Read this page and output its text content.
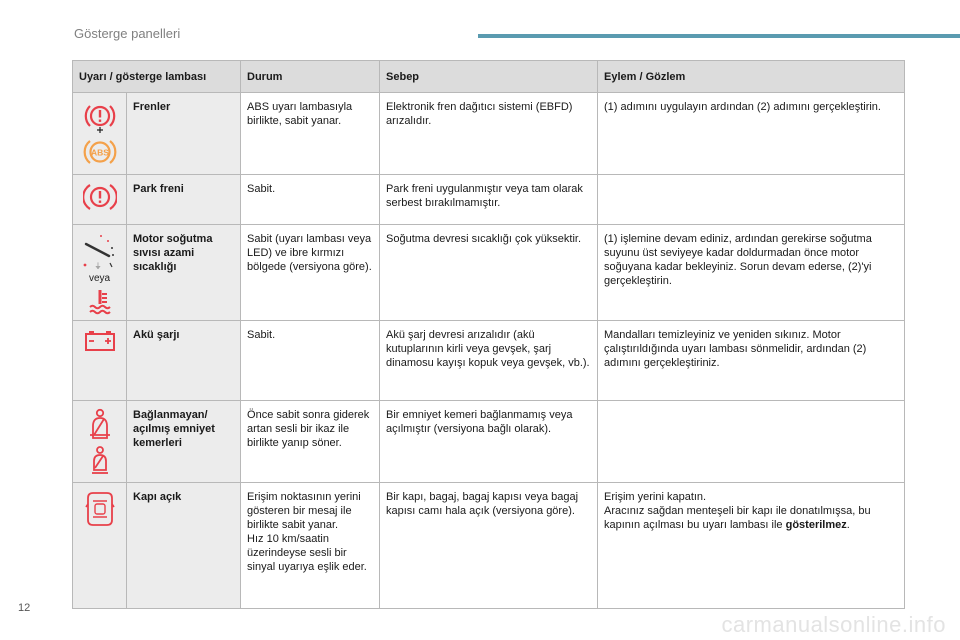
Gösterge panelleri
Uyarı / gösterge lambası		Durum	Sebep	Eylem / Gözlem

ABS	Frenler	ABS uyarı lambasıyla birlikte, sabit yanar.	Elektronik fren dağıtıcı sistemi (EBFD) arızalıdır.	(1) adımını uygulayın ardından (2) adımını gerçekleştirin.

	Park freni	Sabit.	Park freni uygulanmıştır veya tam olarak serbest bırakılmamıştır.	

⏚
veya	Motor soğutma sıvısı azami sıcaklığı	Sabit (uyarı lambası veya LED) ve ibre kırmızı bölgede (versiyona göre).	Soğutma devresi sıcaklığı çok yüksektir.	(1) işlemine devam ediniz, ardından gerekirse soğutma suyunu üst seviyeye kadar doldurmadan önce motor soğuyana kadar bekleyiniz. Sorun devam ederse, (2)'yi gerçekleştirin.

	Akü şarjı	Sabit.	Akü şarj devresi arızalıdır (akü kutuplarının kirli veya gevşek, şarj dinamosu kayışı kopuk veya gevşek, vb.).	Mandalları temizleyiniz ve yeniden sıkınız. Motor çalıştırıldığında uyarı lambası sönmelidir, ardından (2) adımını gerçekleştiriniz.

	Bağlanmayan/ açılmış emniyet kemerleri	Önce sabit sonra giderek artan sesli bir ikaz ile birlikte yanıp söner.	Bir emniyet kemeri bağlanmamış veya açılmıştır (versiyona bağlı olarak).	

	Kapı açık	Erişim noktasının yerini gösteren bir mesaj ile birlikte sabit yanar.
Hız 10 km/saatin üzerindeyse sesli bir sinyal uyarıya eşlik eder.	Bir kapı, bagaj, bagaj kapısı veya bagaj kapısı camı hala açık (versiyona göre).	Erişim yerini kapatın.
Aracınız sağdan menteşeli bir kapı ile donatılmışsa, bu kapının açılması bu uyarı lambası ile gösterilmez.
12
carmanualsonline.info
